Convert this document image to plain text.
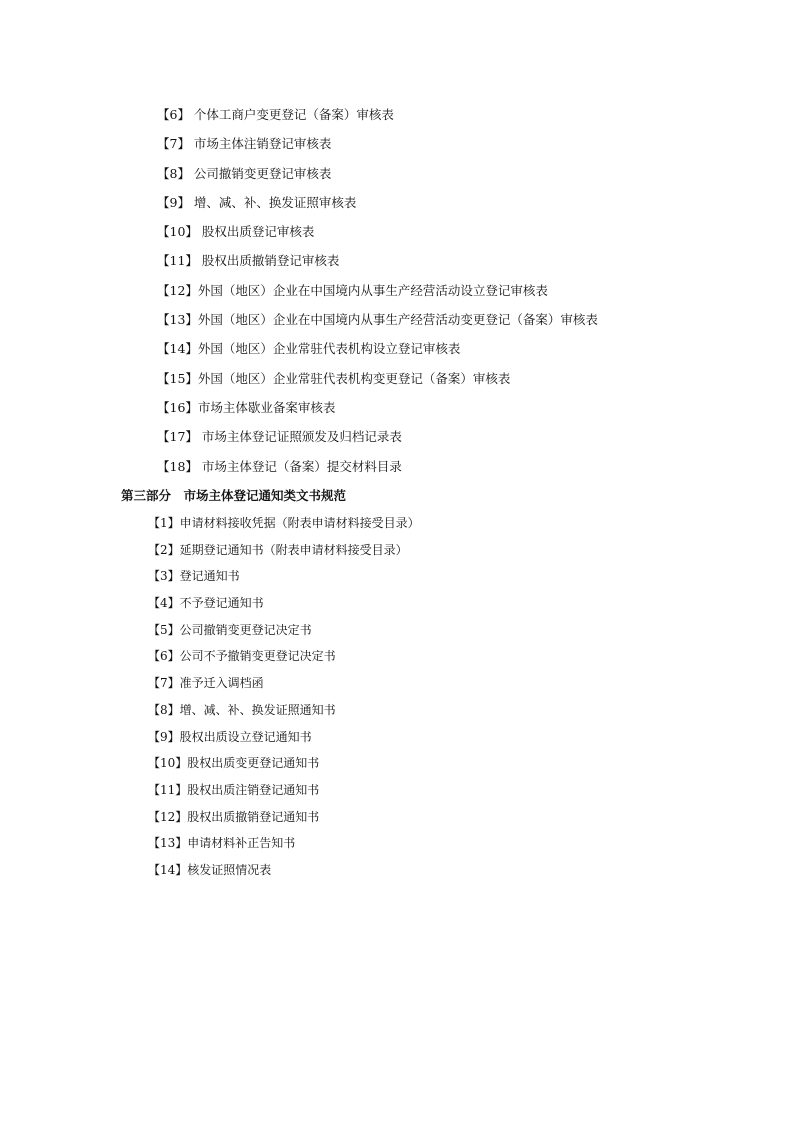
【6】 个体工商户变更登记（备案）审核表
【7】 市场主体注销登记审核表
【8】 公司撤销变更登记审核表
【9】 增、减、补、换发证照审核表
【10】 股权出质登记审核表
【11】 股权出质撤销登记审核表
【12】外国（地区）企业在中国境内从事生产经营活动设立登记审核表
【13】外国（地区）企业在中国境内从事生产经营活动变更登记（备案）审核表
【14】外国（地区）企业常驻代表机构设立登记审核表
【15】外国（地区）企业常驻代表机构变更登记（备案）审核表
【16】市场主体歇业备案审核表
【17】 市场主体登记证照颁发及归档记录表
【18】 市场主体登记（备案）提交材料目录
第三部分　市场主体登记通知类文书规范
【1】申请材料接收凭据（附表申请材料接受目录）
【2】延期登记通知书（附表申请材料接受目录）
【3】登记通知书
【4】不予登记通知书
【5】公司撤销变更登记决定书
【6】公司不予撤销变更登记决定书
【7】准予迁入调档函
【8】增、减、补、换发证照通知书
【9】股权出质设立登记通知书
【10】股权出质变更登记通知书
【11】股权出质注销登记通知书
【12】股权出质撤销登记通知书
【13】申请材料补正告知书
【14】核发证照情况表
